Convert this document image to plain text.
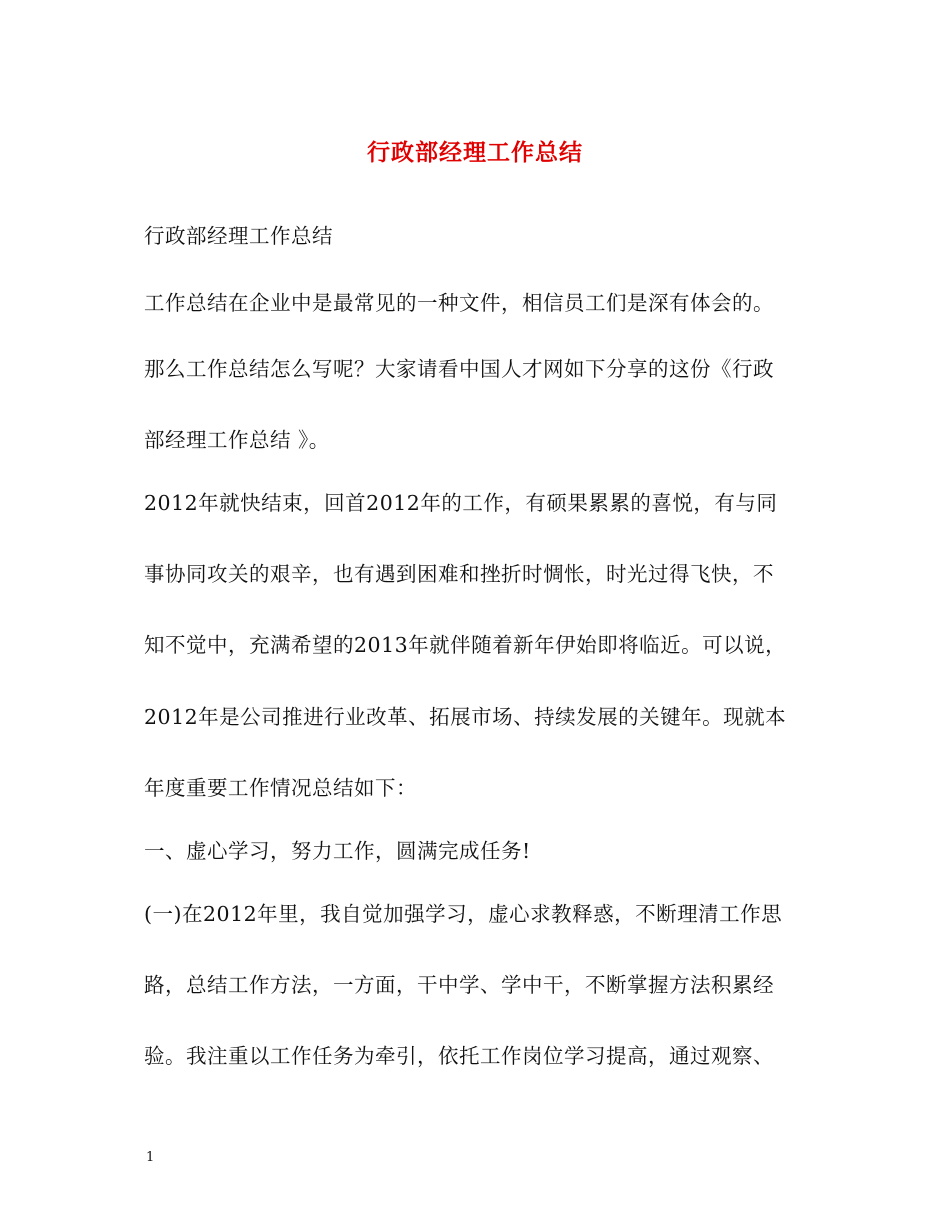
行政部经理工作总结
行政部经理工作总结
工作总结在企业中是最常见的一种文件，相信员工们是深有体会的。
那么工作总结怎么写呢？大家请看中国人才网如下分享的这份《行政
部经理工作总结 》。
2012年就快结束，回首2012年的工作，有硕果累累的喜悦，有与同
事协同攻关的艰辛，也有遇到困难和挫折时惆怅，时光过得飞快，不
知不觉中，充满希望的2013年就伴随着新年伊始即将临近。可以说，
2012年是公司推进行业改革、拓展市场、持续发展的关键年。现就本
年度重要工作情况总结如下：
一、虚心学习，努力工作，圆满完成任务!
(一)在2012年里，我自觉加强学习，虚心求教释惑，不断理清工作思
路，总结工作方法，一方面，干中学、学中干，不断掌握方法积累经
验。我注重以工作任务为牵引，依托工作岗位学习提高，通过观察、
1
